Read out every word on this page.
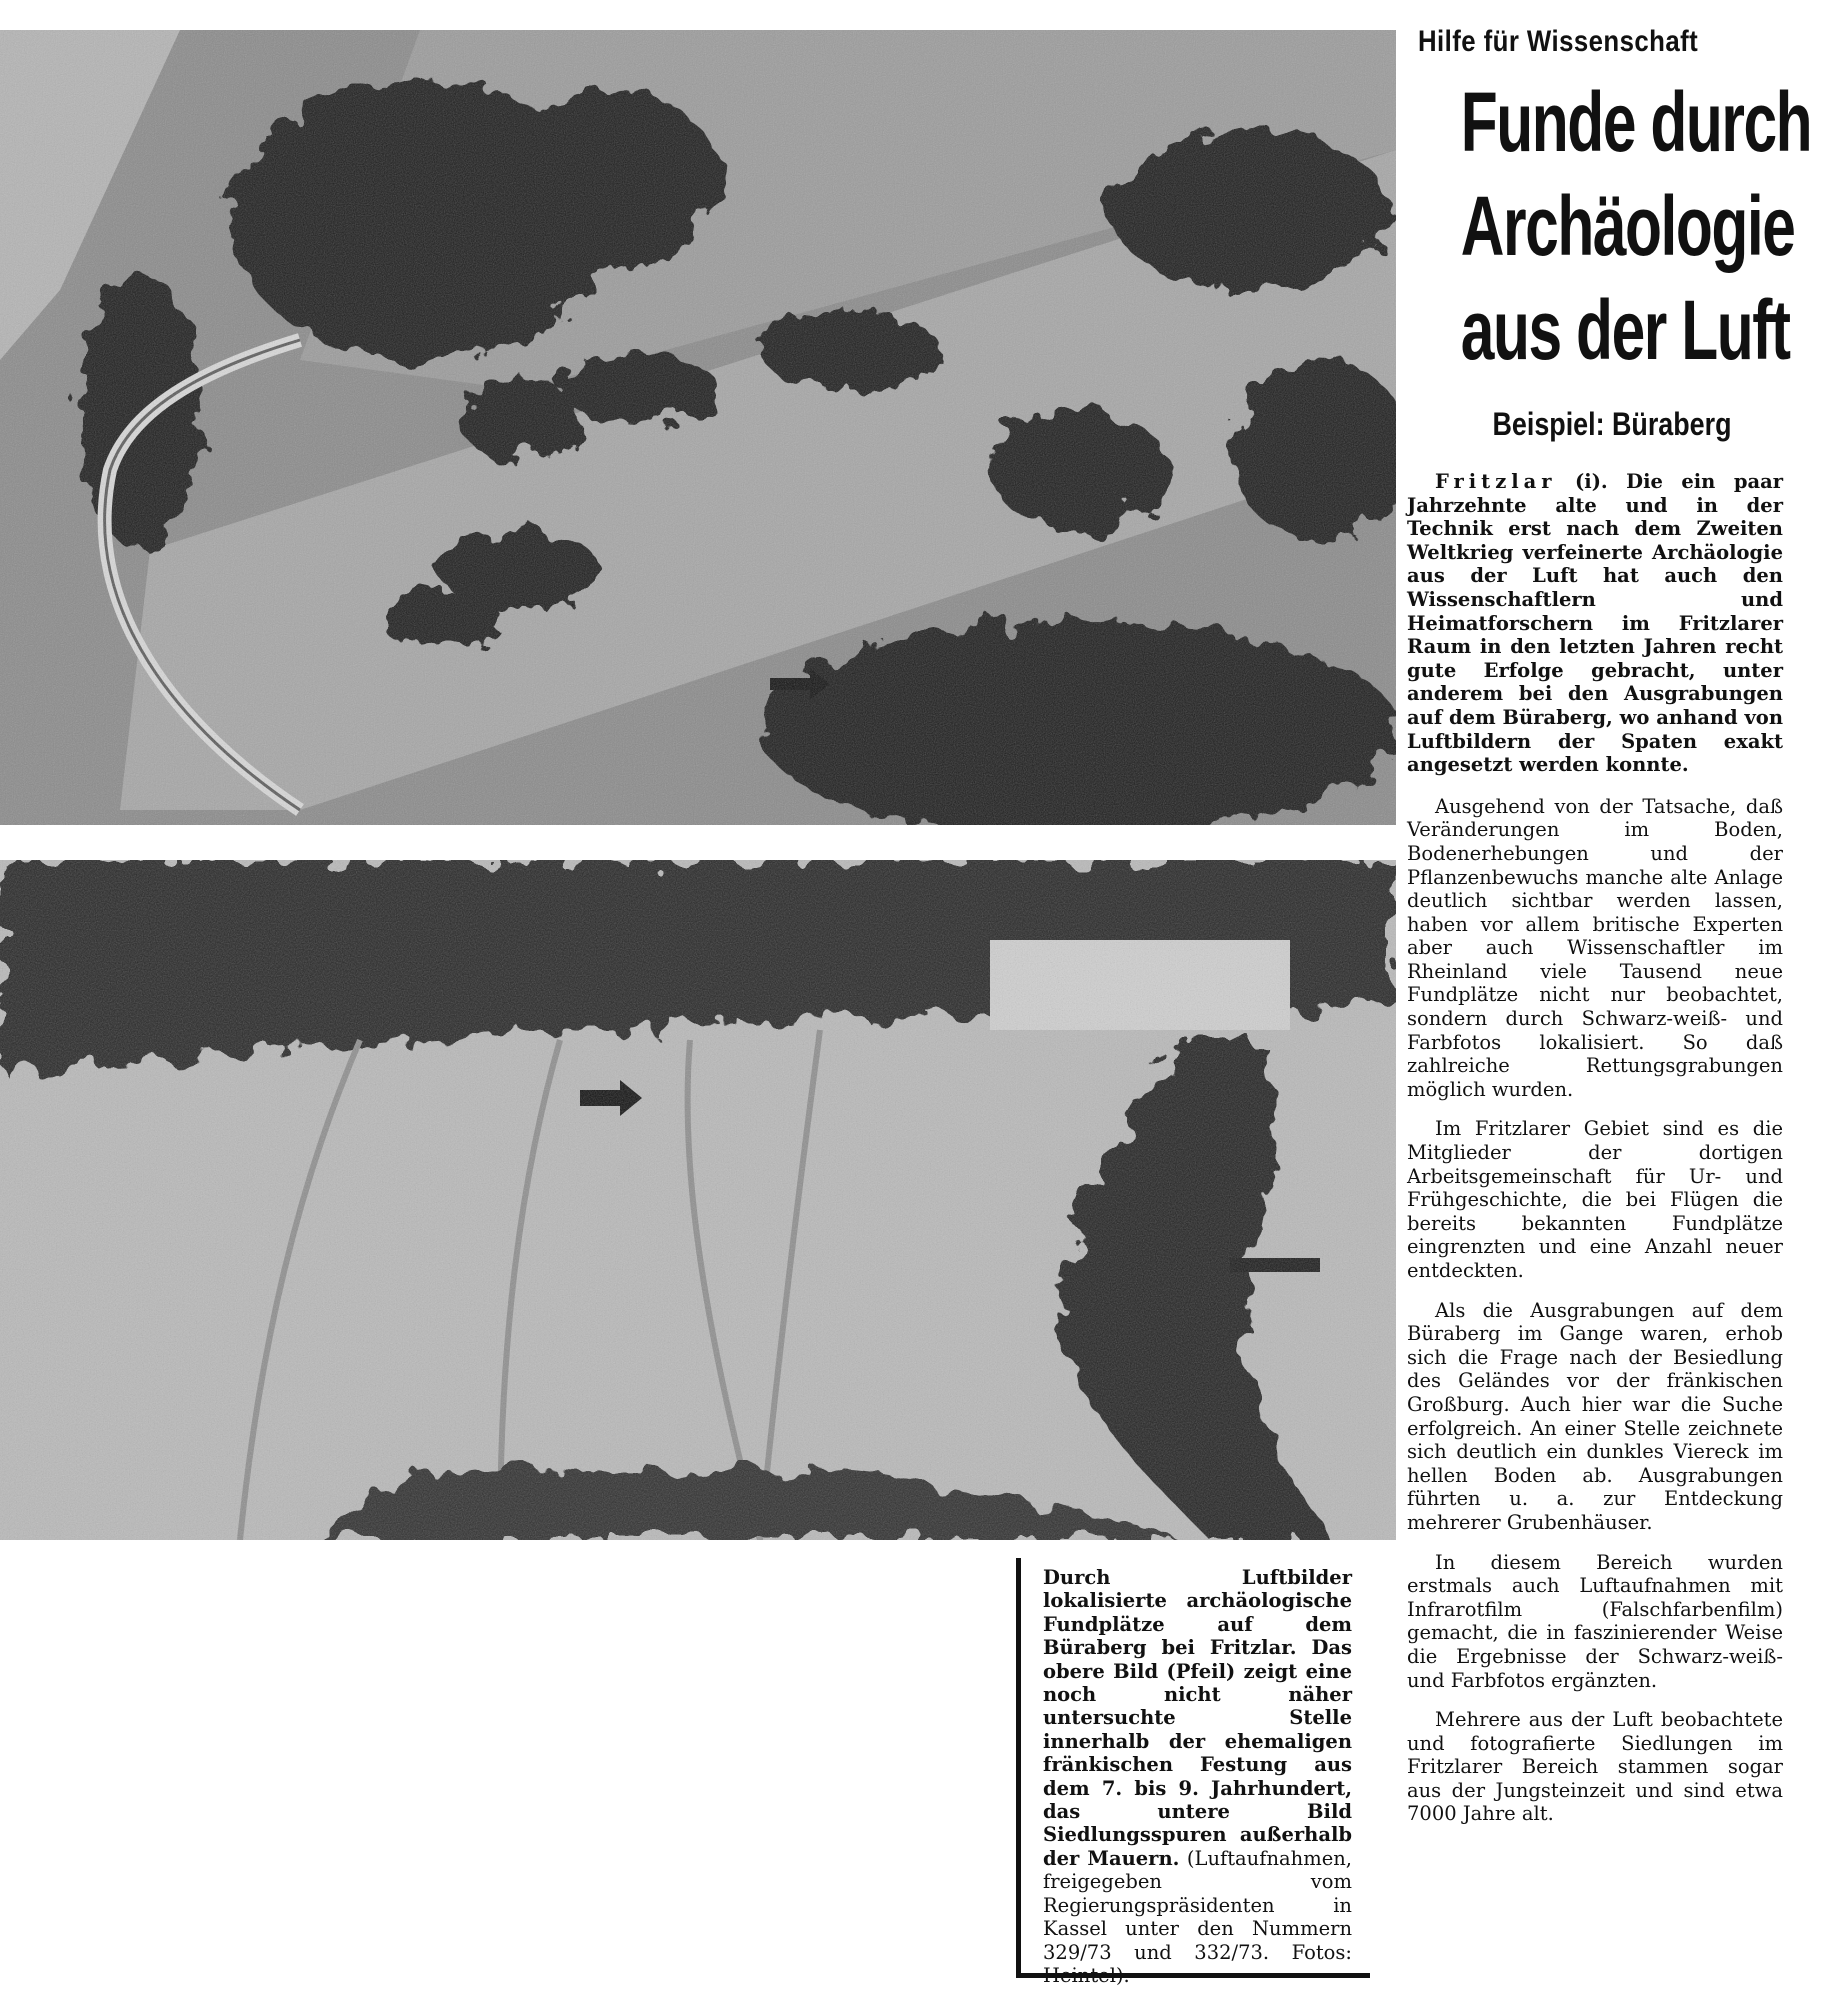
Hilfe für Wissenschaft
Funde durch
Archäologie
aus der Luft
Beispiel: Büraberg

Fritzlar (i). Die ein paar Jahrzehnte alte und in der Technik erst nach dem Zweiten Weltkrieg verfeinerte Archäologie aus der Luft hat auch den Wissenschaftlern und Heimatforschern im Fritzlarer Raum in den letzten Jahren recht gute Erfolge gebracht, unter anderem bei den Ausgrabungen auf dem Büraberg, wo anhand von Luftbildern der Spaten exakt angesetzt werden konnte.

Ausgehend von der Tatsache, daß Veränderungen im Boden, Bodenerhebungen und der Pflanzenbewuchs manche alte Anlage deutlich sichtbar werden lassen, haben vor allem britische Experten aber auch Wissenschaftler im Rheinland viele Tausend neue Fundplätze nicht nur beobachtet, sondern durch Schwarz-weiß- und Farbfotos lokalisiert. So daß zahlreiche Rettungsgrabungen möglich wurden.

Im Fritzlarer Gebiet sind es die Mitglieder der dortigen Arbeitsgemeinschaft für Ur- und Frühgeschichte, die bei Flügen die bereits bekannten Fundplätze eingrenzten und eine Anzahl neuer entdeckten.

Als die Ausgrabungen auf dem Büraberg im Gange waren, erhob sich die Frage nach der Besiedlung des Geländes vor der fränkischen Großburg. Auch hier war die Suche erfolgreich. An einer Stelle zeichnete sich deutlich ein dunkles Viereck im hellen Boden ab. Ausgrabungen führten u. a. zur Entdeckung mehrerer Grubenhäuser.

In diesem Bereich wurden erstmals auch Luftaufnahmen mit Infrarotfilm (Falschfarbenfilm) gemacht, die in faszinierender Weise die Ergebnisse der Schwarz-weiß- und Farbfotos ergänzten.

Mehrere aus der Luft beobachtete und fotografierte Siedlungen im Fritzlarer Bereich stammen sogar aus der Jungsteinzeit und sind etwa 7000 Jahre alt.

Durch Luftbilder lokalisierte archäologische Fundplätze auf dem Büraberg bei Fritzlar. Das obere Bild (Pfeil) zeigt eine noch nicht näher untersuchte Stelle innerhalb der ehemaligen fränkischen Festung aus dem 7. bis 9. Jahrhundert, das untere Bild Siedlungsspuren außerhalb der Mauern. (Luftaufnahmen, freigegeben vom Regierungspräsidenten in Kassel unter den Nummern 329/73 und 332/73. Fotos: Heintel).
